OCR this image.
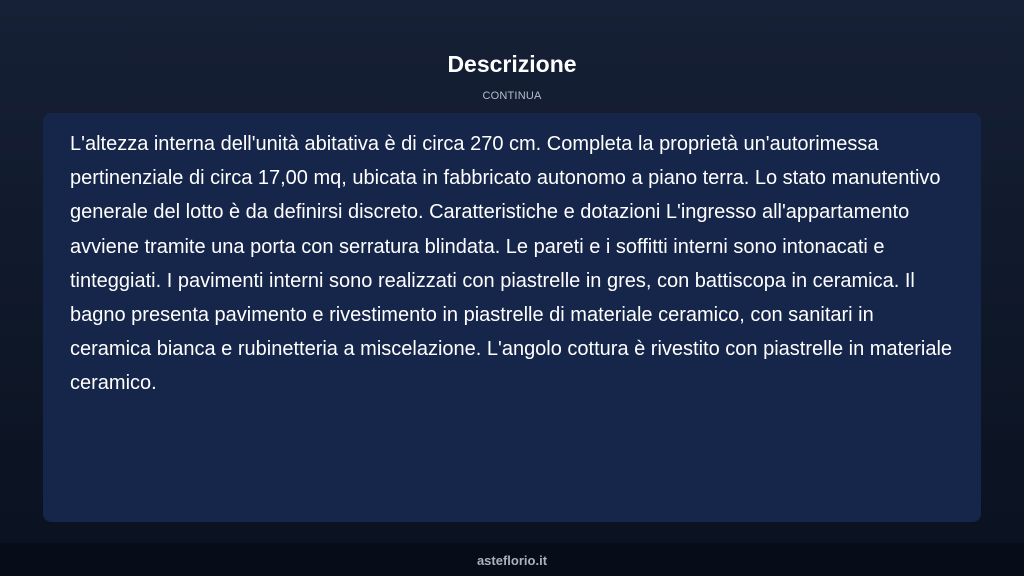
Descrizione
CONTINUA

L'altezza interna dell'unità abitativa è di circa 270 cm. Completa la proprietà un'autorimessa pertinenziale di circa 17,00 mq, ubicata in fabbricato autonomo a piano terra. Lo stato manutentivo generale del lotto è da definirsi discreto. Caratteristiche e dotazioni L'ingresso all'appartamento avviene tramite una porta con serratura blindata. Le pareti e i soffitti interni sono intonacati e tinteggiati. I pavimenti interni sono realizzati con piastrelle in gres, con battiscopa in ceramica. Il bagno presenta pavimento e rivestimento in piastrelle di materiale ceramico, con sanitari in ceramica bianca e rubinetteria a miscelazione. L'angolo cottura è rivestito con piastrelle in materiale ceramico.

asteflorio.it
